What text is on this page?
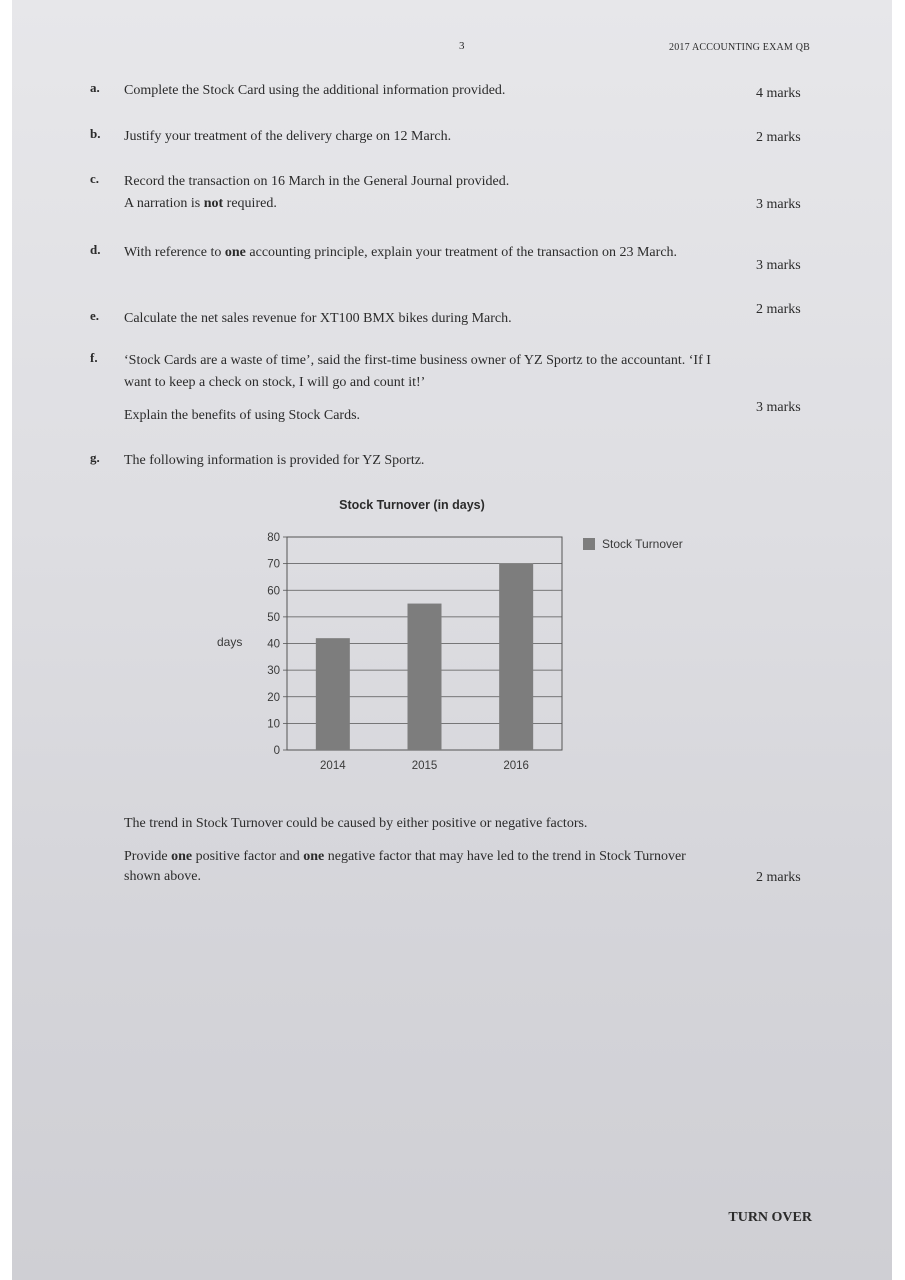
3	2017 ACCOUNTING EXAM QB
a. Complete the Stock Card using the additional information provided.	4 marks
b. Justify your treatment of the delivery charge on 12 March.	2 marks
c. Record the transaction on 16 March in the General Journal provided.
A narration is not required.	3 marks
d. With reference to one accounting principle, explain your treatment of the transaction on 23 March.
3 marks
e. Calculate the net sales revenue for XT100 BMX bikes during March.
2 marks
f. ‘Stock Cards are a waste of time’, said the first-time business owner of YZ Sportz to the accountant. ‘If I want to keep a check on stock, I will go and count it!’
Explain the benefits of using Stock Cards.
3 marks
g. The following information is provided for YZ Sportz.
Stock Turnover (in days)
0
10
20
30
40
50
60
70
80
2014	2015	2016
Stock Turnover
days
The trend in Stock Turnover could be caused by either positive or negative factors.
Provide one positive factor and one negative factor that may have led to the trend in Stock Turnover shown above.	2 marks
TURN OVER
